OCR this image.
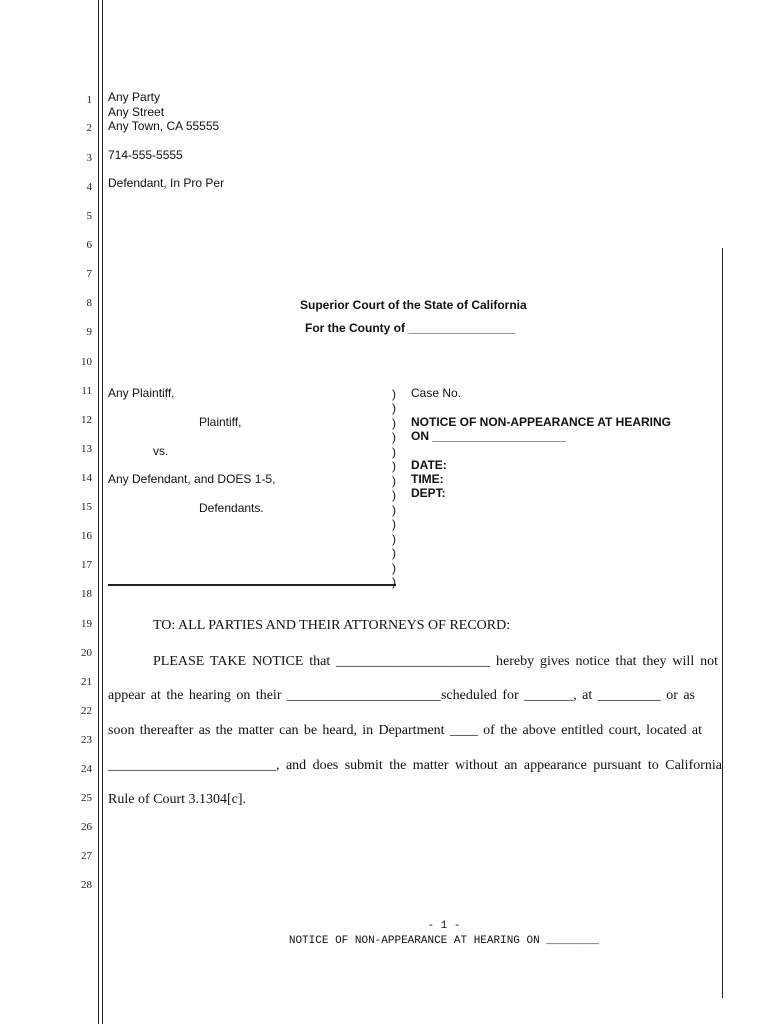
1
2
3
4
5
6
7
8
9
10
11
12
13
14
15
16
17
18
19
20
21
22
23
24
25
26
27
28
Any Party
Any Street
Any Town, CA 55555
714-555-5555
Defendant, In Pro Per
Superior Court of the State of California
For the County of ________________
Any Plaintiff,
Plaintiff,
vs.
Any Defendant, and DOES 1-5,
Defendants.
)
)
)
)
)
)
)
)
)
)
)
)
)
)
Case No.
NOTICE OF NON-APPEARANCE AT HEARING
ON ____________________
DATE:
TIME:
DEPT:
TO: ALL PARTIES AND THEIR ATTORNEYS OF RECORD:
PLEASE TAKE NOTICE that ______________________ hereby gives notice that they will not
appear at the hearing on their ______________________scheduled for _______, at _________ or as
soon thereafter as the matter can be heard, in Department ____ of the above entitled court, located at
________________________, and does submit the matter without an appearance pursuant to California
Rule of Court 3.1304[c].
- 1 -
NOTICE OF NON-APPEARANCE AT HEARING ON ________
